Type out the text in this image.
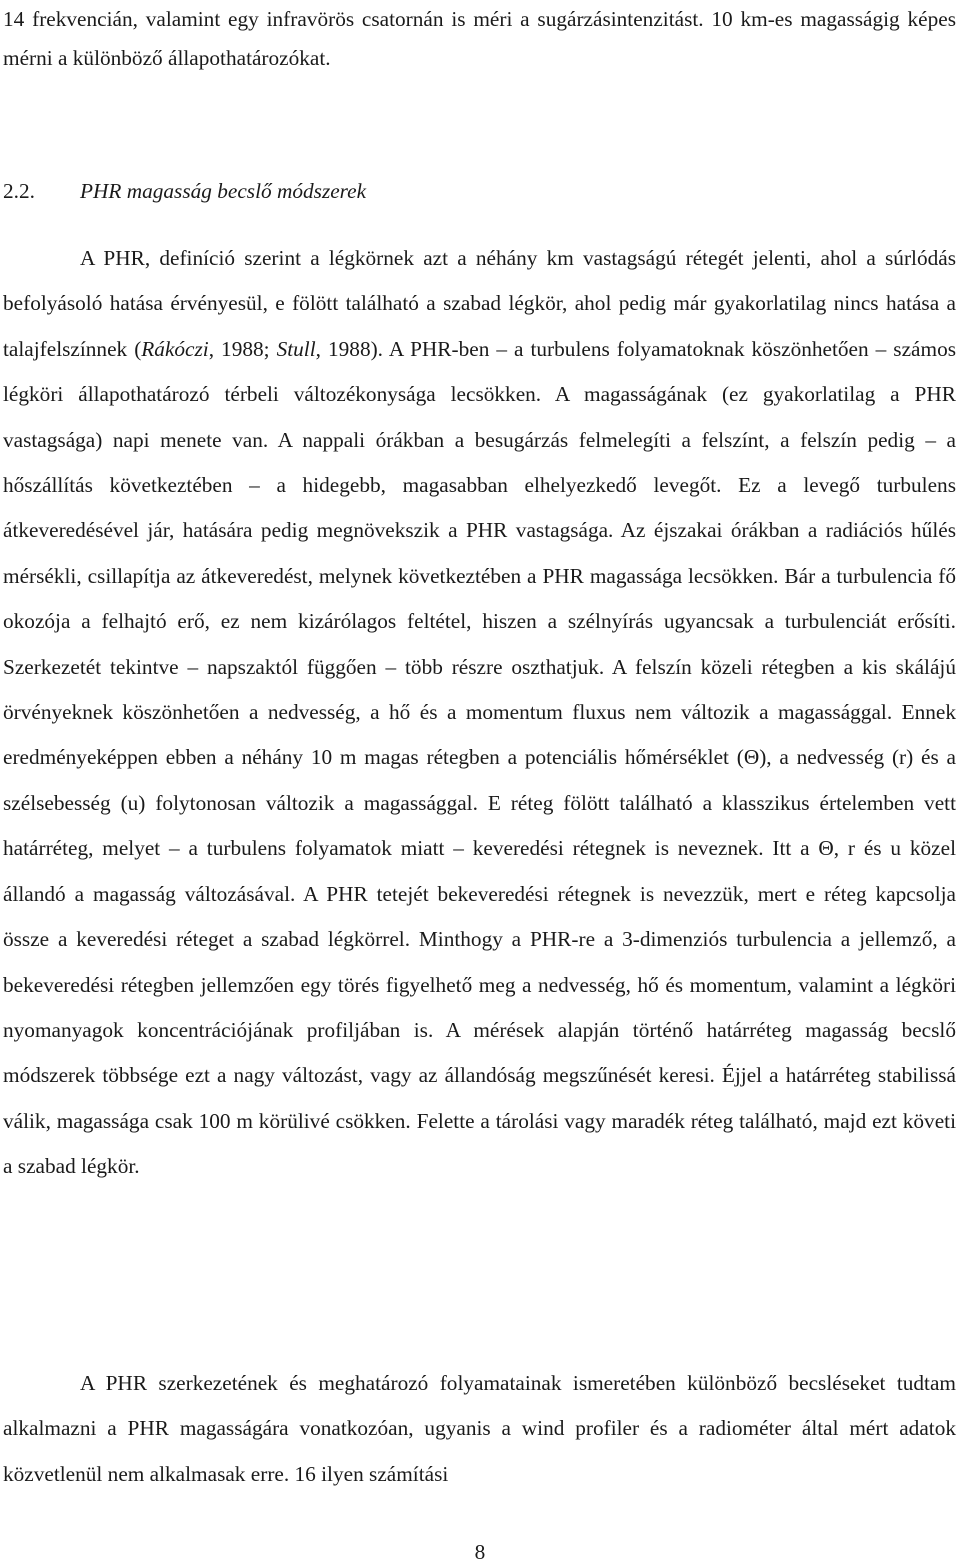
14 frekvencián, valamint egy infravörös csatornán is méri a sugárzásintenzitást. 10 km-es magasságig képes mérni a különböző állapothatározókat.

2.2. PHR magasság becslő módszerek

A PHR, definíció szerint a légkörnek azt a néhány km vastagságú rétegét jelenti, ahol a súrlódás befolyásoló hatása érvényesül, e fölött található a szabad légkör, ahol pedig már gyakorlatilag nincs hatása a talajfelszínnek (Rákóczi, 1988; Stull, 1988). A PHR-ben – a turbulens folyamatoknak köszönhetően – számos légköri állapothatározó térbeli változékonysága lecsökken. A magasságának (ez gyakorlatilag a PHR vastagsága) napi menete van. A nappali órákban a besugárzás felmelegíti a felszínt, a felszín pedig – a hőszállítás következtében – a hidegebb, magasabban elhelyezkedő levegőt. Ez a levegő turbulens átkeveredésével jár, hatására pedig megnövekszik a PHR vastagsága. Az éjszakai órákban a radiációs hűlés mérsékli, csillapítja az átkeveredést, melynek következtében a PHR magassága lecsökken. Bár a turbulencia fő okozója a felhajtó erő, ez nem kizárólagos feltétel, hiszen a szélnyírás ugyancsak a turbulenciát erősíti. Szerkezetét tekintve – napszaktól függően – több részre oszthatjuk. A felszín közeli rétegben a kis skálájú örvényeknek köszönhetően a nedvesség, a hő és a momentum fluxus nem változik a magassággal. Ennek eredményeképpen ebben a néhány 10 m magas rétegben a potenciális hőmérséklet (Θ), a nedvesség (r) és a szélsebesség (u) folytonosan változik a magassággal. E réteg fölött található a klasszikus értelemben vett határréteg, melyet – a turbulens folyamatok miatt – keveredési rétegnek is neveznek. Itt a Θ, r és u közel állandó a magasság változásával. A PHR tetejét bekeveredési rétegnek is nevezzük, mert e réteg kapcsolja össze a keveredési réteget a szabad légkörrel. Minthogy a PHR-re a 3-dimenziós turbulencia a jellemző, a bekeveredési rétegben jellemzően egy törés figyelhető meg a nedvesség, hő és momentum, valamint a légköri nyomanyagok koncentrációjának profiljában is. A mérések alapján történő határréteg magasság becslő módszerek többsége ezt a nagy változást, vagy az állandóság megszűnését keresi. Éjjel a határréteg stabilissá válik, magassága csak 100 m körülivé csökken. Felette a tárolási vagy maradék réteg található, majd ezt követi a szabad légkör.

A PHR szerkezetének és meghatározó folyamatainak ismeretében különböző becsléseket tudtam alkalmazni a PHR magasságára vonatkozóan, ugyanis a wind profiler és a radiométer által mért adatok közvetlenül nem alkalmasak erre. 16 ilyen számítási

8
